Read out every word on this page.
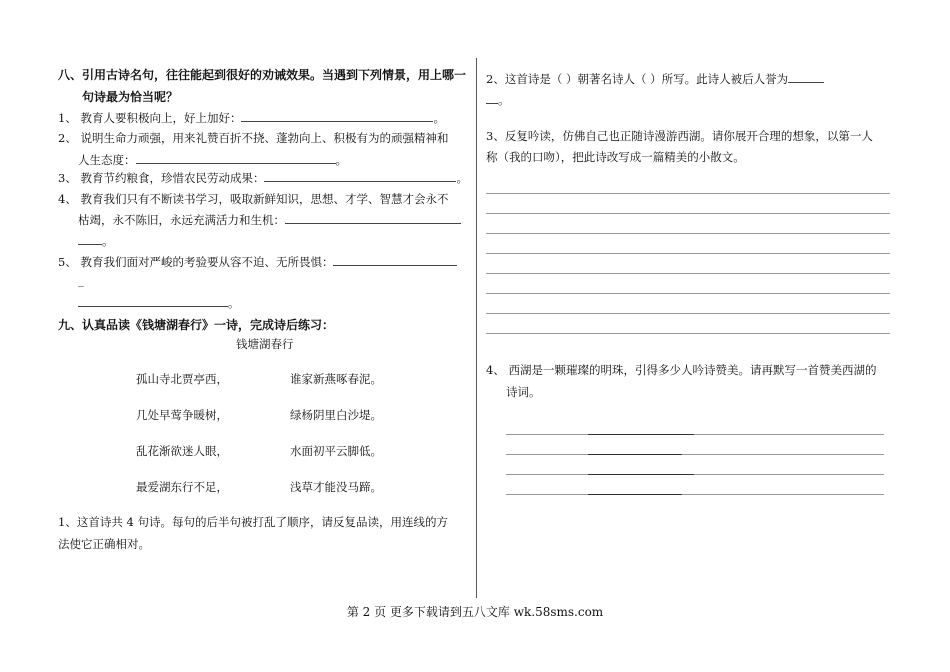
八、引用古诗名句，往往能起到很好的劝诫效果。当遇到下列情景，用上哪一
句诗最为恰当呢？
1、 教育人要积极向上，好上加好：	。
2、 说明生命力顽强，用来礼赞百折不挠、蓬勃向上、积极有为的顽强精神和
人生态度：	。
3、 教育节约粮食，珍惜农民劳动成果：	。
4、 教育我们只有不断读书学习，吸取新鲜知识，思想、才学、智慧才会永不
枯竭，永不陈旧，永远充满活力和生机：
。
5、 教育我们面对严峻的考验要从容不迫、无所畏惧：
_
。
九、认真品读《钱塘湖春行》一诗，完成诗后练习：
钱塘湖春行
孤山寺北贾亭西，	谁家新燕啄春泥。
几处早莺争暖树，	绿杨阴里白沙堤。
乱花渐欲迷人眼，	水面初平云脚低。
最爱湖东行不足，	浅草才能没马蹄。
1、这首诗共 4 句诗。每句的后半句被打乱了顺序，请反复品读，用连线的方
法使它正确相对。
2、这首诗是（ ）朝著名诗人（ ）所写。此诗人被后人誉为
。
3、反复吟读，仿佛自己也正随诗漫游西湖。请你展开合理的想象，以第一人
称（我的口吻），把此诗改写成一篇精美的小散文。
4、 西湖是一颗璀璨的明珠，引得多少人吟诗赞美。请再默写一首赞美西湖的
诗词。
第 2 页 更多下载请到五八文库 wk.58sms.com
